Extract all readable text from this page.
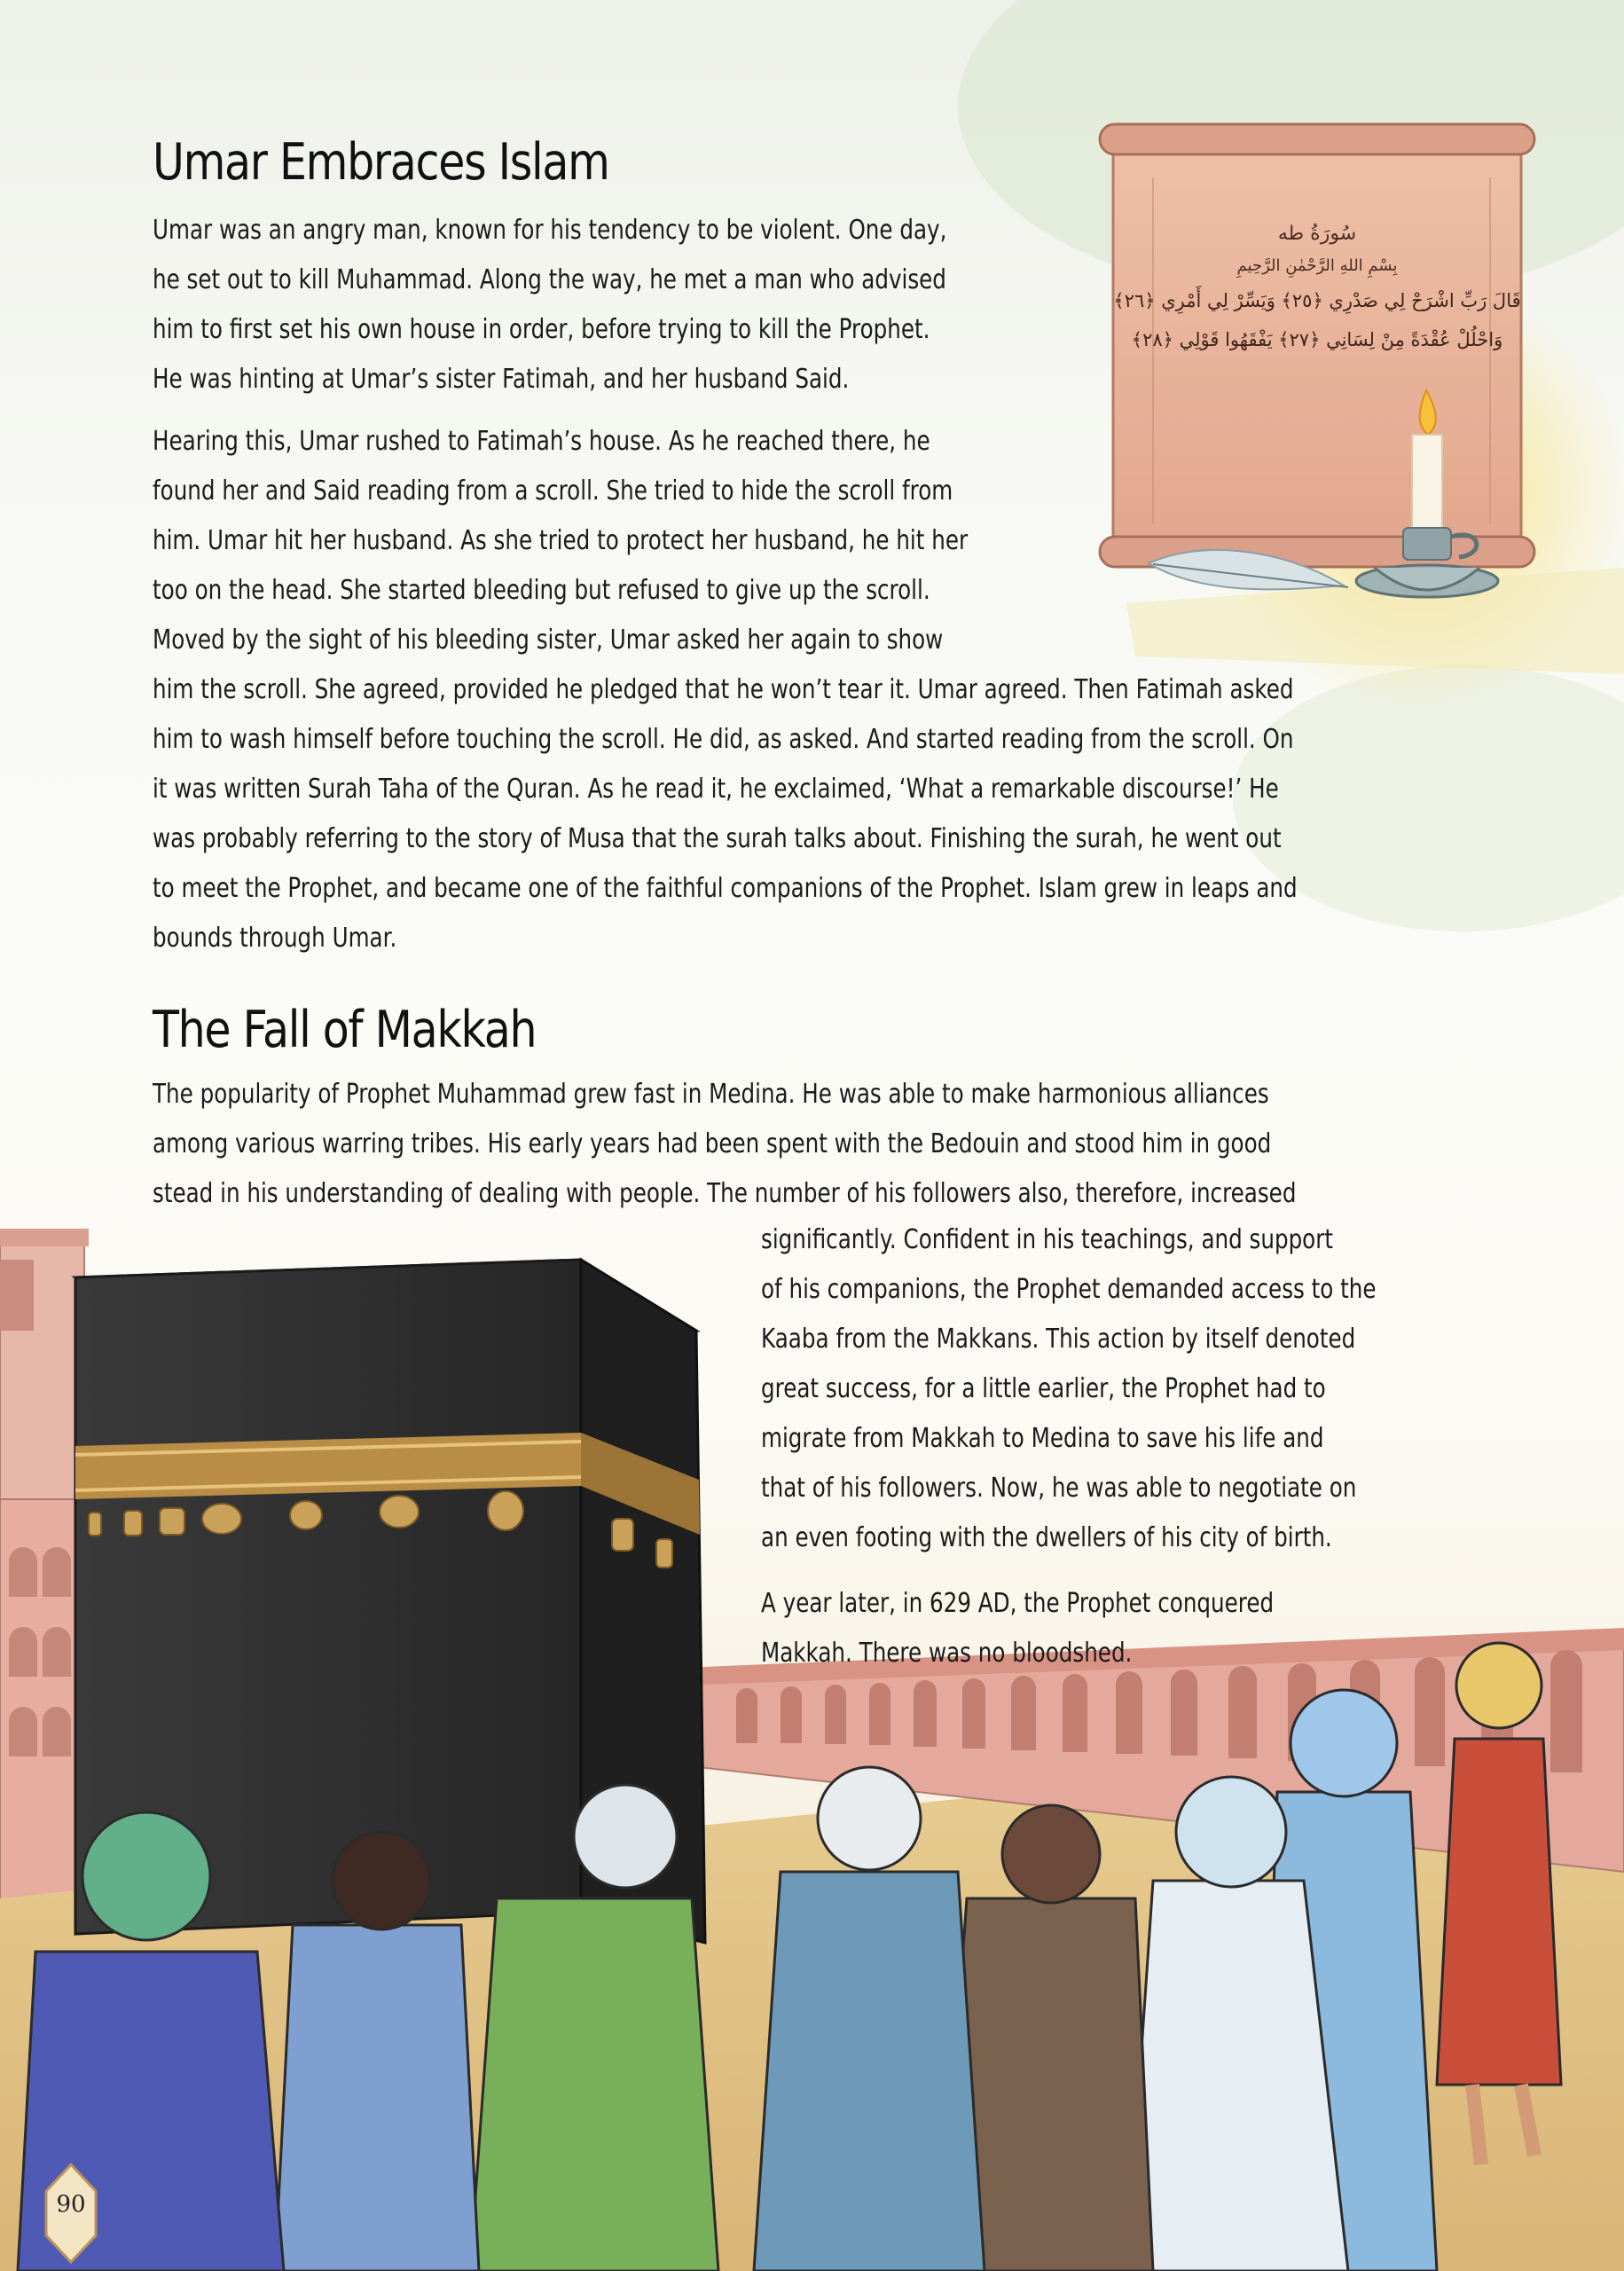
سُورَةُ طه
بِسْمِ اللهِ الرَّحْمٰنِ الرَّحِيمِ
قَالَ رَبِّ اشْرَحْ لِي صَدْرِي ﴿٢٥﴾ وَيَسِّرْ لِي أَمْرِي ﴿٢٦﴾
وَاحْلُلْ عُقْدَةً مِنْ لِسَانِي ﴿٢٧﴾ يَفْقَهُوا قَوْلِي ﴿٢٨﴾
Umar Embraces Islam
Umar was an angry man, known for his tendency to be violent. One day,
he set out to kill Muhammad. Along the way, he met a man who advised
him to first set his own house in order, before trying to kill the Prophet.
He was hinting at Umar’s sister Fatimah, and her husband Said.
Hearing this, Umar rushed to Fatimah’s house. As he reached there, he
found her and Said reading from a scroll. She tried to hide the scroll from
him. Umar hit her husband. As she tried to protect her husband, he hit her
too on the head. She started bleeding but refused to give up the scroll.
Moved by the sight of his bleeding sister, Umar asked her again to show
him the scroll. She agreed, provided he pledged that he won’t tear it. Umar agreed. Then Fatimah asked
him to wash himself before touching the scroll. He did, as asked. And started reading from the scroll. On
it was written Surah Taha of the Quran. As he read it, he exclaimed, ‘What a remarkable discourse!’ He
was probably referring to the story of Musa that the surah talks about. Finishing the surah, he went out
to meet the Prophet, and became one of the faithful companions of the Prophet. Islam grew in leaps and
bounds through Umar.
The Fall of Makkah
The popularity of Prophet Muhammad grew fast in Medina. He was able to make harmonious alliances
among various warring tribes. His early years had been spent with the Bedouin and stood him in good
stead in his understanding of dealing with people. The number of his followers also, therefore, increased
significantly. Confident in his teachings, and support
of his companions, the Prophet demanded access to the
Kaaba from the Makkans. This action by itself denoted
great success, for a little earlier, the Prophet had to
migrate from Makkah to Medina to save his life and
that of his followers. Now, he was able to negotiate on
an even footing with the dwellers of his city of birth.
A year later, in 629 AD, the Prophet conquered
Makkah. There was no bloodshed.
90
